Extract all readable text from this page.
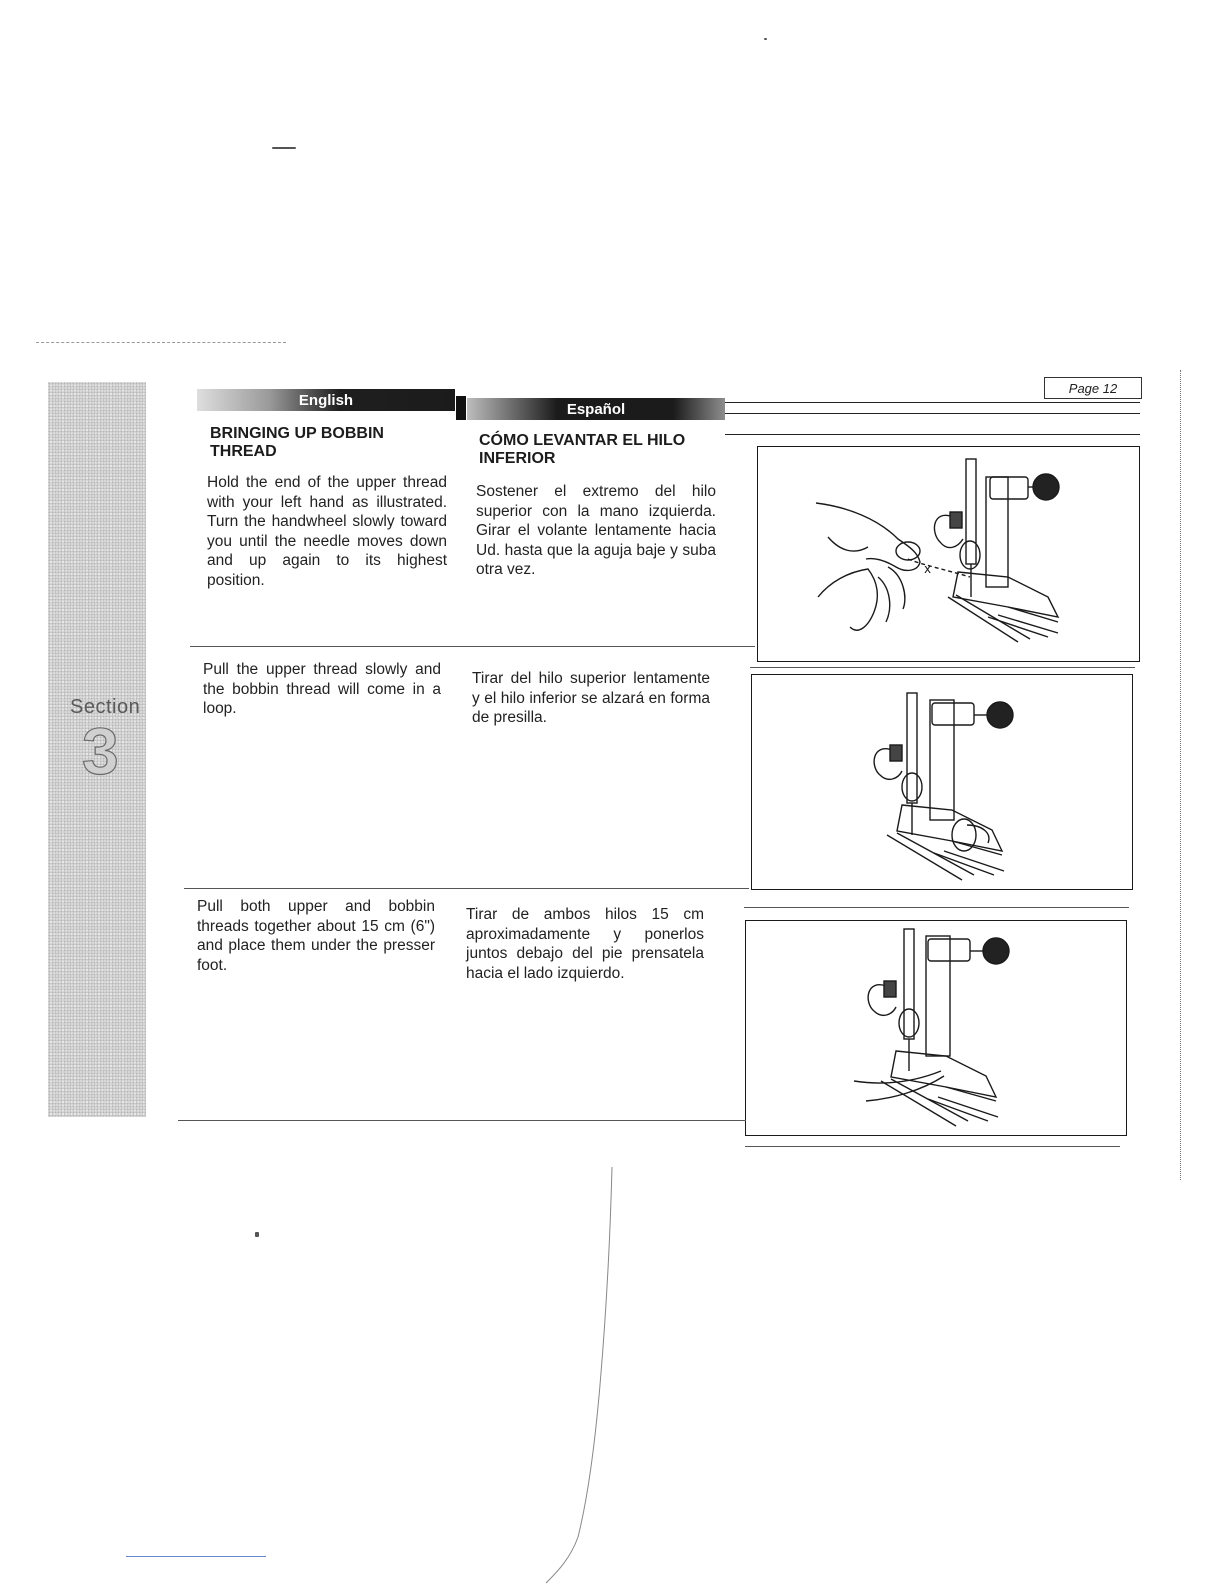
Section
3
Page 12
English
Español
BRINGING UP BOBBIN THREAD
Hold the end of the upper thread with your left hand as illustrated. Turn the handwheel slowly toward you until the needle moves down and up again to its highest position.
CÓMO LEVANTAR EL HILO INFERIOR
Sostener el extremo del hilo superior con la mano izquierda. Girar el volante lentamente hacia Ud. hasta que la aguja baje y suba otra vez.	x
Pull the upper thread slowly and the bobbin thread will come in a loop.
Tirar del hilo superior lentamente y el hilo inferior se alzará en forma de presilla.
Pull both upper and bobbin threads together about 15 cm (6") and place them under the presser foot.
Tirar de ambos hilos 15 cm aproximadamente y ponerlos juntos debajo del pie prensatela hacia el lado izquierdo.
